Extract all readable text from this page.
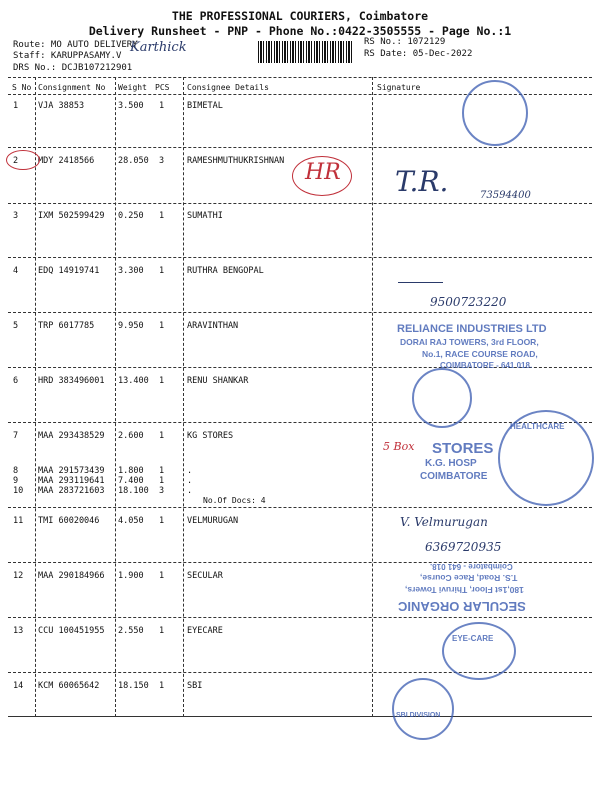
THE PROFESSIONAL COURIERS, Coimbatore
Delivery Runsheet - PNP - Phone No.:0422-3505555 - Page No.:1
Route: MO AUTO DELIVERY
Staff: KARUPPASAMY.V
DRS No.: DCJB107212901
RS No.: 1072129
RS Date: 05-Dec-2022
Karthick
S No Consignment No Weight PCS Consignee Details	Signature
1 VJA 38853	3.500 1	BIMETAL
2 MDY 2418566	28.050 3	RAMESHMUTHUKRISHNAN
3 IXM 502599429 0.250 1	SUMATHI
4 EDQ 14919741 3.300 1	RUTHRA BENGOPAL
5 TRP 6017785	9.950 1	ARAVINTHAN
6 HRD 383496001 13.400 1	RENU SHANKAR
7 MAA 293438529 2.600 1	KG STORES
8 MAA 291573439 1.800 1	.
9 MAA 293119641 7.400 1	.
10 MAA 283721603 18.100 3	.
No.Of Docs: 4
11 TMI 60020046 4.050 1	VELMURUGAN
12 MAA 290184966 1.900 1	SECULAR
13 CCU 100451955 2.550 1	EYECARE
14 KCM 60065642 18.150 1	SBI
HR T.R.	73594400
9500723220
RELIANCE INDUSTRIES LTD
DORAI RAJ TOWERS, 3rd FLOOR,
No.1, RACE COURSE ROAD,
COIMBATORE - 641 018.
5 Box STORES
K.G. HOSP
COIMBATORE
HEALTHCARE
V. Velmurugan
6369720935
Coimbatore - 641 018.
T.S. Road, Race Course,
180,1st Floor, Thiruvi Towers,
SECULAR ORGANIC
EYE-CARE
SBI DIVISION
